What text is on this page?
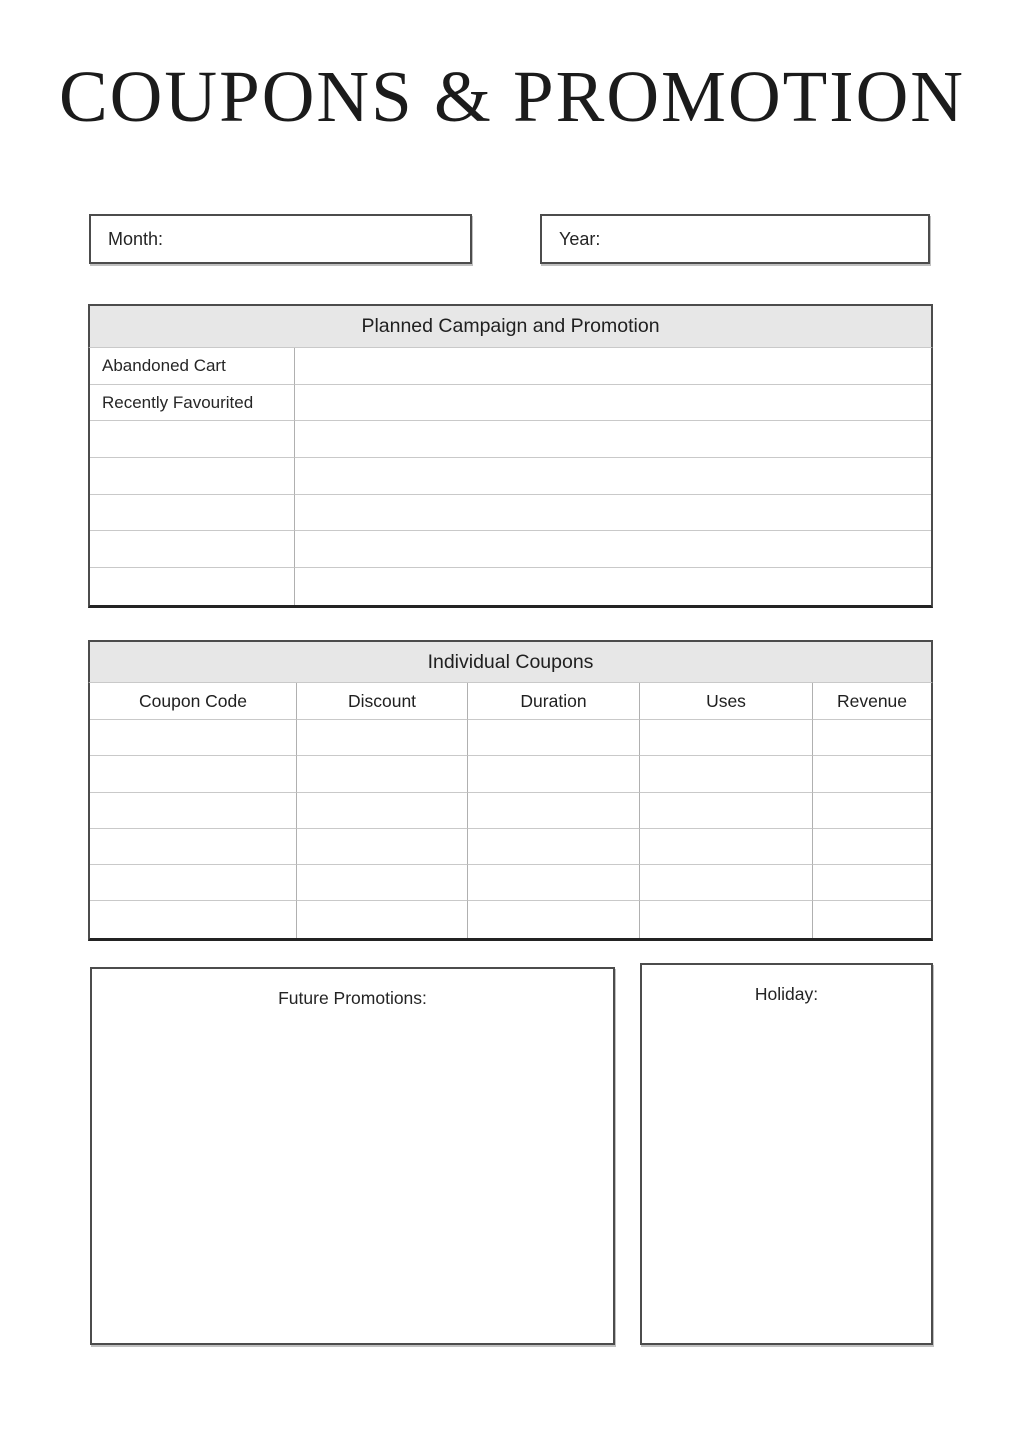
COUPONS & PROMOTION
Month:	Year:
Planned Campaign and Promotion
Abandoned Cart
Recently Favourited
Individual Coupons
Coupon Code	Discount	Duration	Uses	Revenue
Future Promotions:	Holiday:
